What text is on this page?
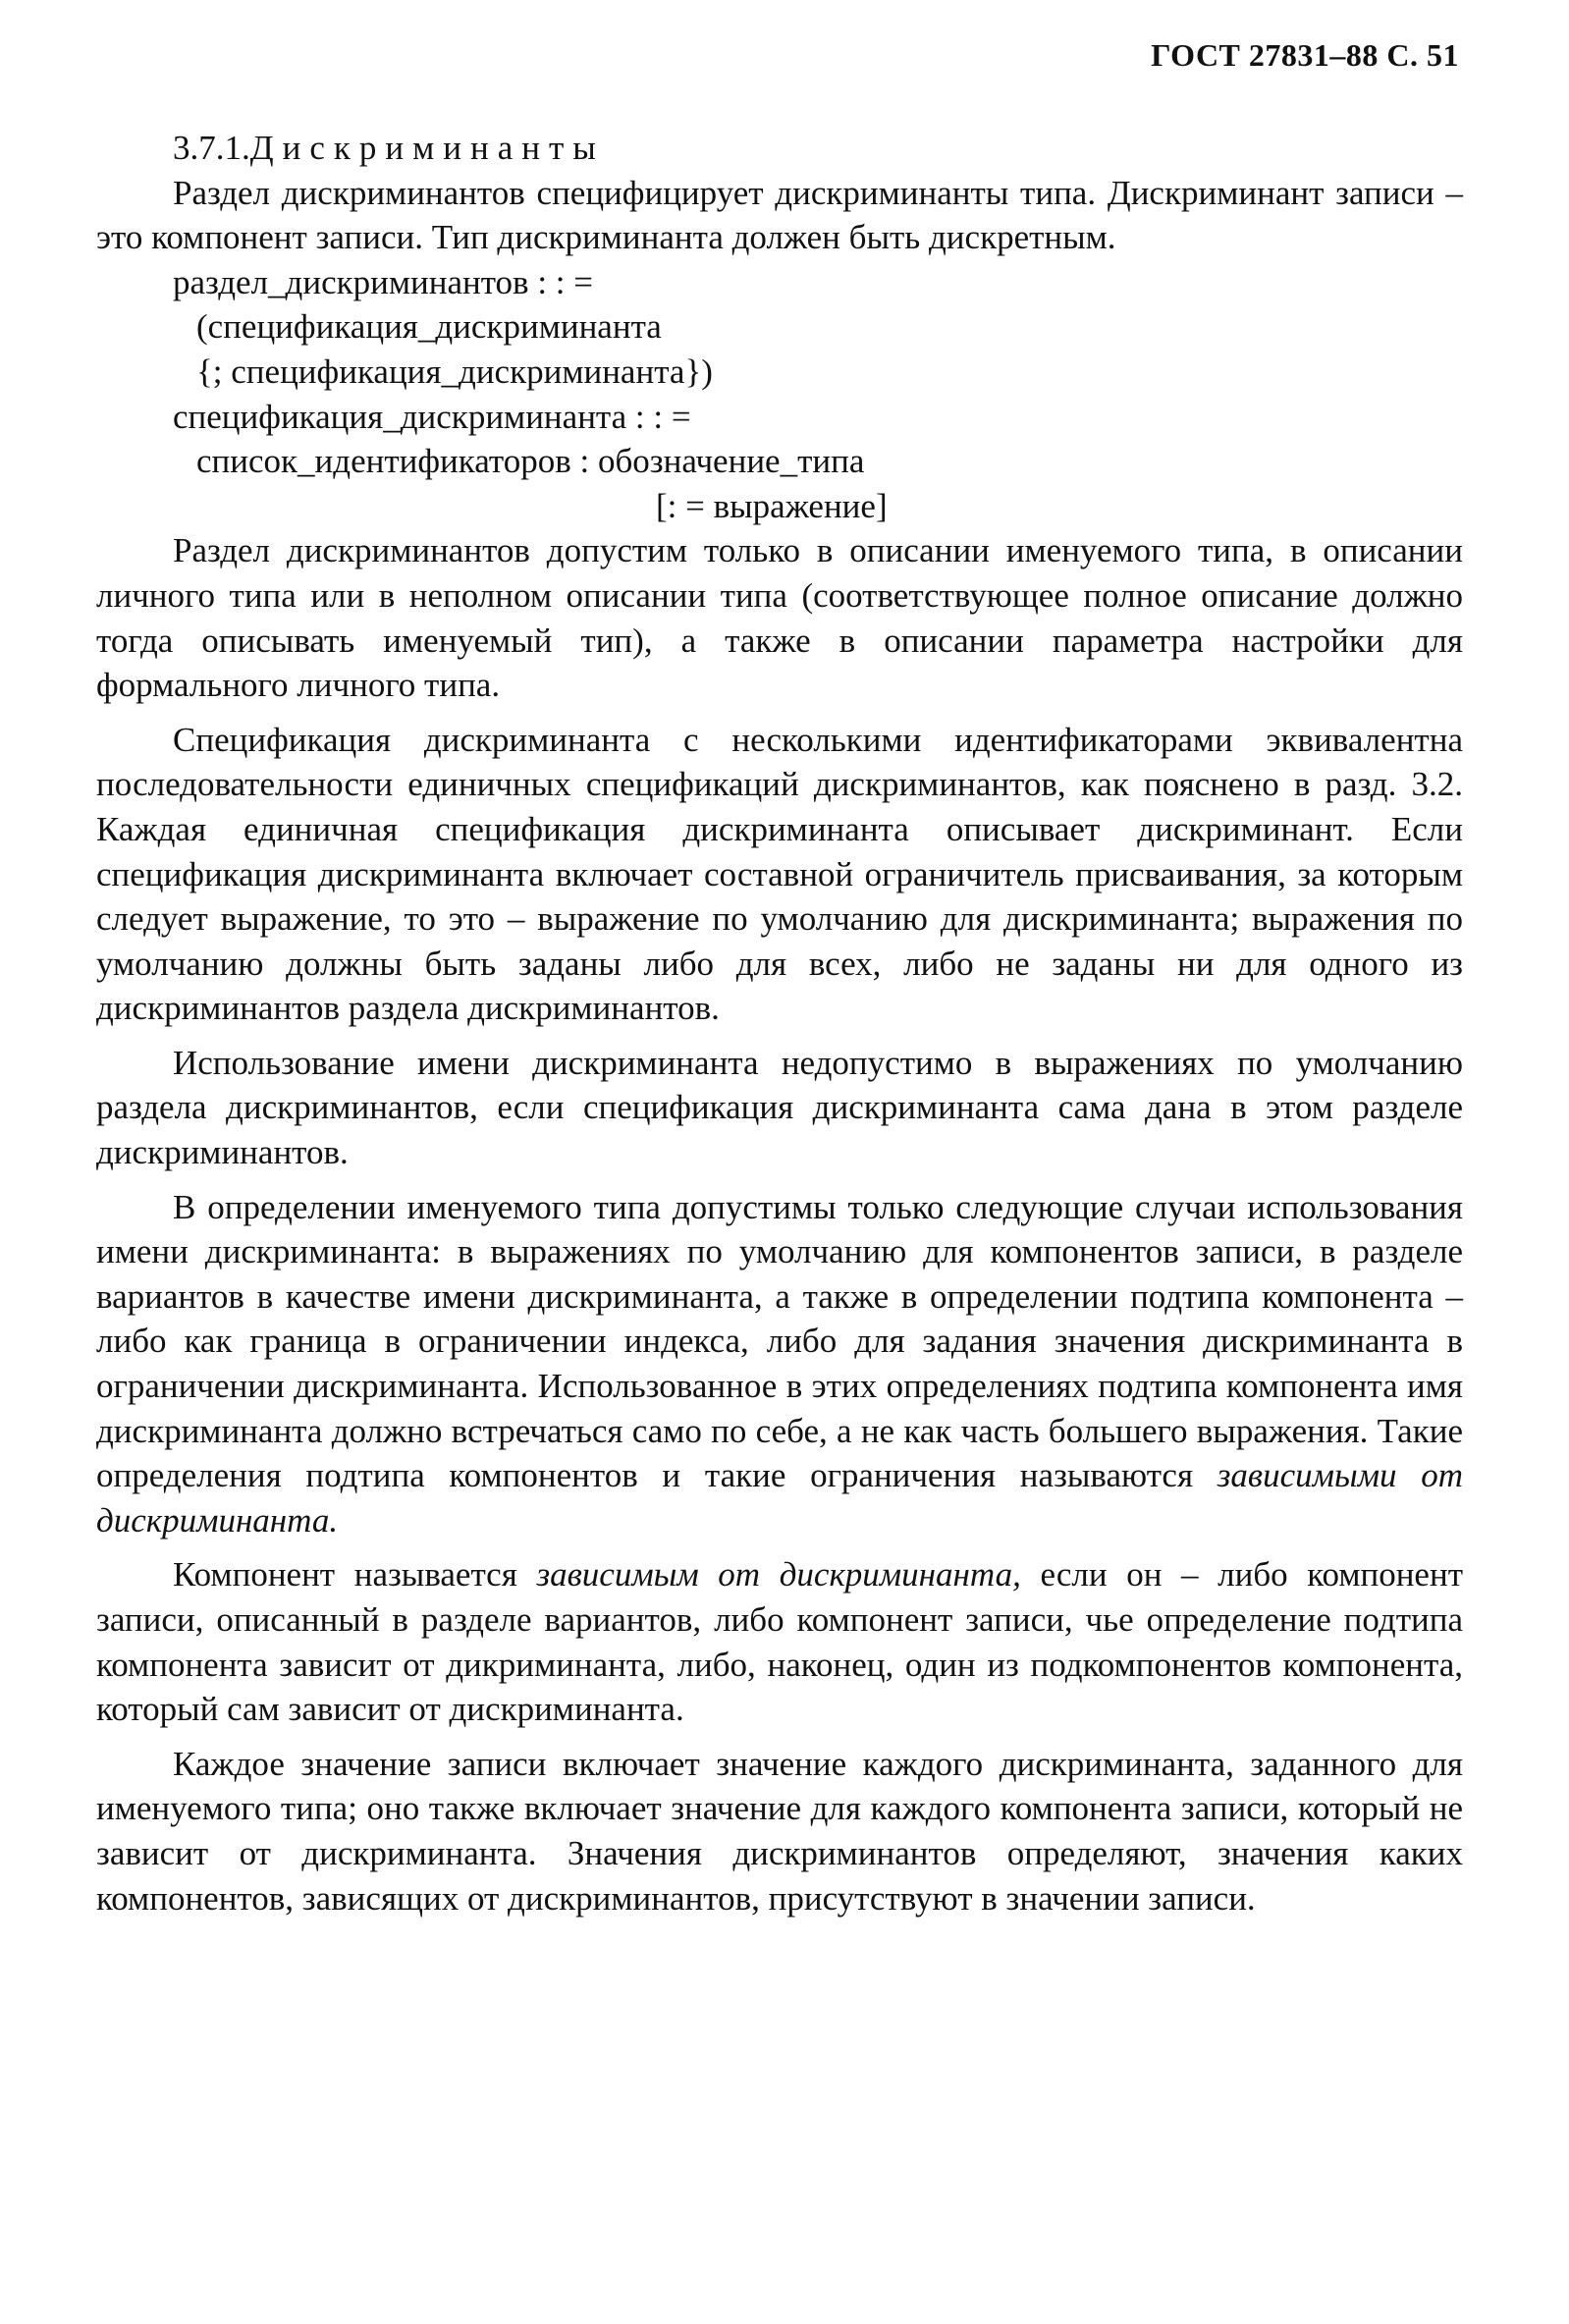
ГОСТ 27831–88 С. 51
3.7.1.Дискриминанты

Раздел дискриминантов специфицирует дискриминанты типа. Дискриминант записи – это компонент записи. Тип дискриминанта должен быть дискретным.

раздел_дискриминантов : : =

(спецификация_дискриминанта

{; спецификация_дискриминанта})

спецификация_дискриминанта : : =

список_идентификаторов : обозначение_типа

[: = выражение]

Раздел дискриминантов допустим только в описании именуемого типа, в описании личного типа или в неполном описании типа (соответствующее полное описание должно тогда описывать именуемый тип), а также в описании параметра настройки для формального личного типа.

Спецификация дискриминанта с несколькими идентификаторами эквивалентна последовательности единичных спецификаций дискриминантов, как пояснено в разд. 3.2. Каждая единичная спецификация дискриминанта описывает дискриминант. Если спецификация дискриминанта включает составной ограничитель присваивания, за которым следует выражение, то это – выражение по умолчанию для дискриминанта; выражения по умолчанию должны быть заданы либо для всех, либо не заданы ни для одного из дискриминантов раздела дискриминантов.

Использование имени дискриминанта недопустимо в выражениях по умолчанию раздела дискриминантов, если спецификация дискриминанта сама дана в этом разделе дискриминантов.

В определении именуемого типа допустимы только следующие случаи использования имени дискриминанта: в выражениях по умолчанию для компонентов записи, в разделе вариантов в качестве имени дискриминанта, а также в определении подтипа компонента – либо как граница в ограничении индекса, либо для задания значения дискриминанта в ограничении дискриминанта. Использованное в этих определениях подтипа компонента имя дискриминанта должно встречаться само по себе, а не как часть большего выражения. Такие определения подтипа компонентов и такие ограничения называются зависимыми от дискриминанта.

Компонент называется зависимым от дискриминанта, если он – либо компонент записи, описанный в разделе вариантов, либо компонент записи, чье определение подтипа компонента зависит от дикриминанта, либо, наконец, один из подкомпонентов компонента, который сам зависит от дискриминанта.

Каждое значение записи включает значение каждого дискриминанта, заданного для именуемого типа; оно также включает значение для каждого компонента записи, который не зависит от дискриминанта. Значения дискриминантов определяют, значения каких компонентов, зависящих от дискриминантов, присутствуют в значении записи.
